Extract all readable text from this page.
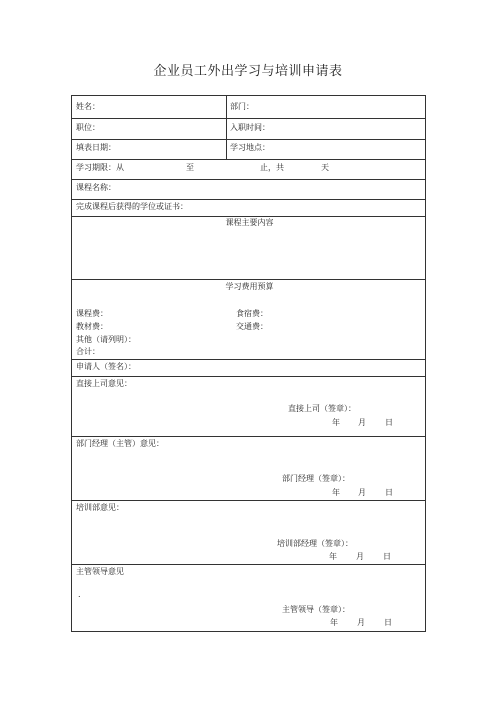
企业员工外出学习与培训申请表
姓名：	部门：
职位：	入职时间：
填表日期：	学习地点：
学习期限：从	至	止，共	天
课程名称：
完成课程后获得的学位或证书：
课程主要内容
学习费用预算
课程费：	食宿费：
教材费：	交通费：
其他（请列明）：
合计：
申请人（签名）：
直接上司意见：
直接上司（签章）：
年 月 日
部门经理（主管）意见：
部门经理（签章）：
年 月 日
培训部意见：
培训部经理（签章）：
年 月 日
主管领导意见
.
主管领导（签章）：
年 月 日
